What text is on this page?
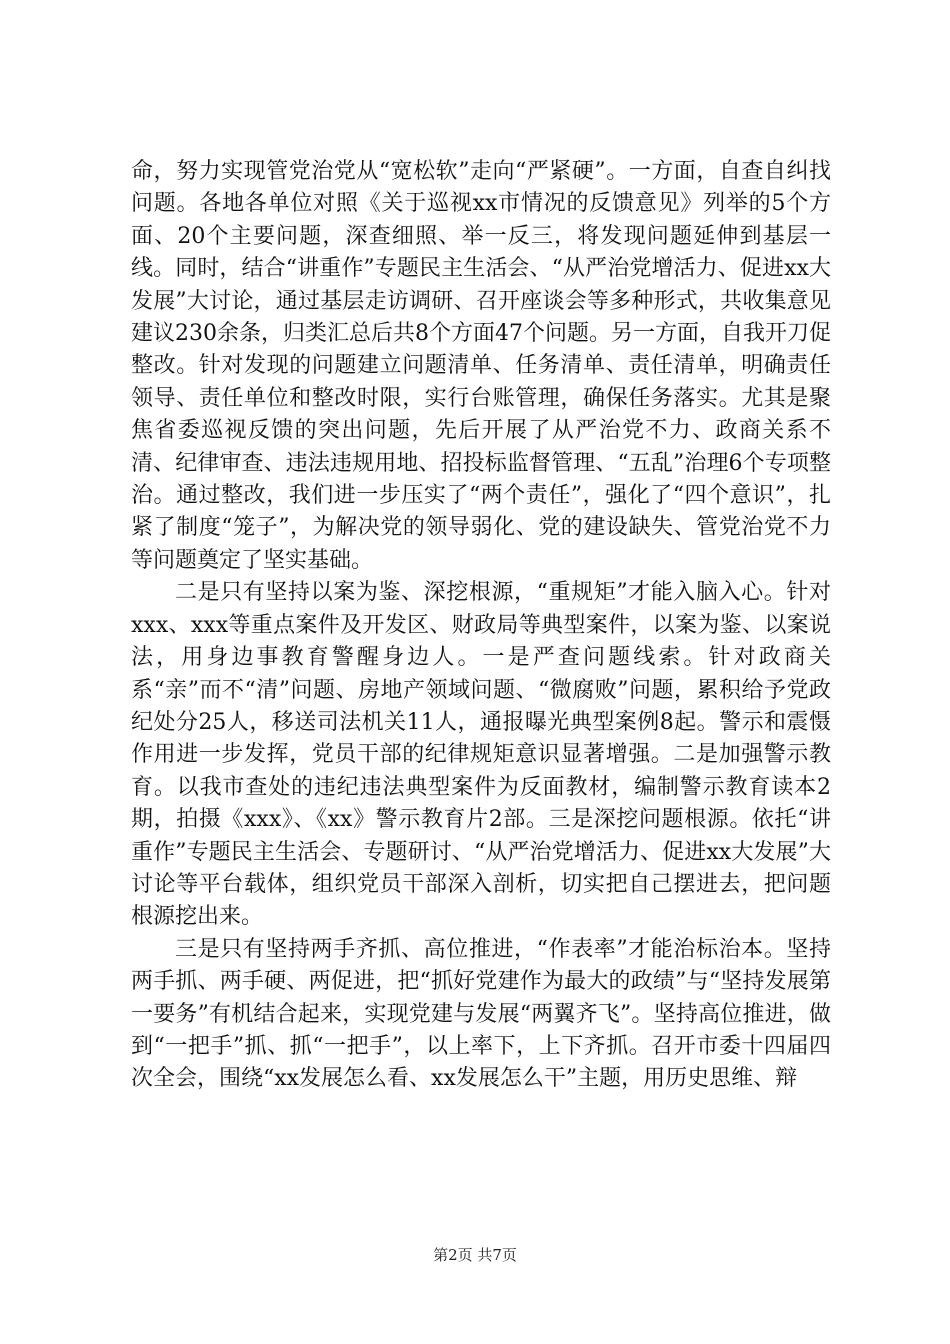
命，努力实现管党治党从“宽松软”走向“严紧硬”。一方面，自查自纠找问题。各地各单位对照《关于巡视xx市情况的反馈意见》列举的5个方面、20个主要问题，深查细照、举一反三，将发现问题延伸到基层一线。同时，结合“讲重作”专题民主生活会、“从严治党增活力、促进xx大发展”大讨论，通过基层走访调研、召开座谈会等多种形式，共收集意见建议230余条，归类汇总后共8个方面47个问题。另一方面，自我开刀促整改。针对发现的问题建立问题清单、任务清单、责任清单，明确责任领导、责任单位和整改时限，实行台账管理，确保任务落实。尤其是聚焦省委巡视反馈的突出问题，先后开展了从严治党不力、政商关系不清、纪律审查、违法违规用地、招投标监督管理、“五乱”治理6个专项整治。通过整改，我们进一步压实了“两个责任”，强化了“四个意识”，扎紧了制度“笼子”，为解决党的领导弱化、党的建设缺失、管党治党不力等问题奠定了坚实基础。

二是只有坚持以案为鉴、深挖根源，“重规矩”才能入脑入心。针对xxx、xxx等重点案件及开发区、财政局等典型案件，以案为鉴、以案说法，用身边事教育警醒身边人。一是严查问题线索。针对政商关系“亲”而不“清”问题、房地产领域问题、“微腐败”问题，累积给予党政纪处分25人，移送司法机关11人，通报曝光典型案例8起。警示和震慑作用进一步发挥，党员干部的纪律规矩意识显著增强。二是加强警示教育。以我市查处的违纪违法典型案件为反面教材，编制警示教育读本2期，拍摄《xxx》、《xx》警示教育片2部。三是深挖问题根源。依托“讲重作”专题民主生活会、专题研讨、“从严治党增活力、促进xx大发展”大讨论等平台载体，组织党员干部深入剖析，切实把自己摆进去，把问题根源挖出来。

三是只有坚持两手齐抓、高位推进，“作表率”才能治标治本。坚持两手抓、两手硬、两促进，把“抓好党建作为最大的政绩”与“坚持发展第一要务”有机结合起来，实现党建与发展“两翼齐飞”。坚持高位推进，做到“一把手”抓、抓“一把手”，以上率下，上下齐抓。召开市委十四届四次全会，围绕“xx发展怎么看、xx发展怎么干”主题，用历史思维、辩

第2页 共7页
